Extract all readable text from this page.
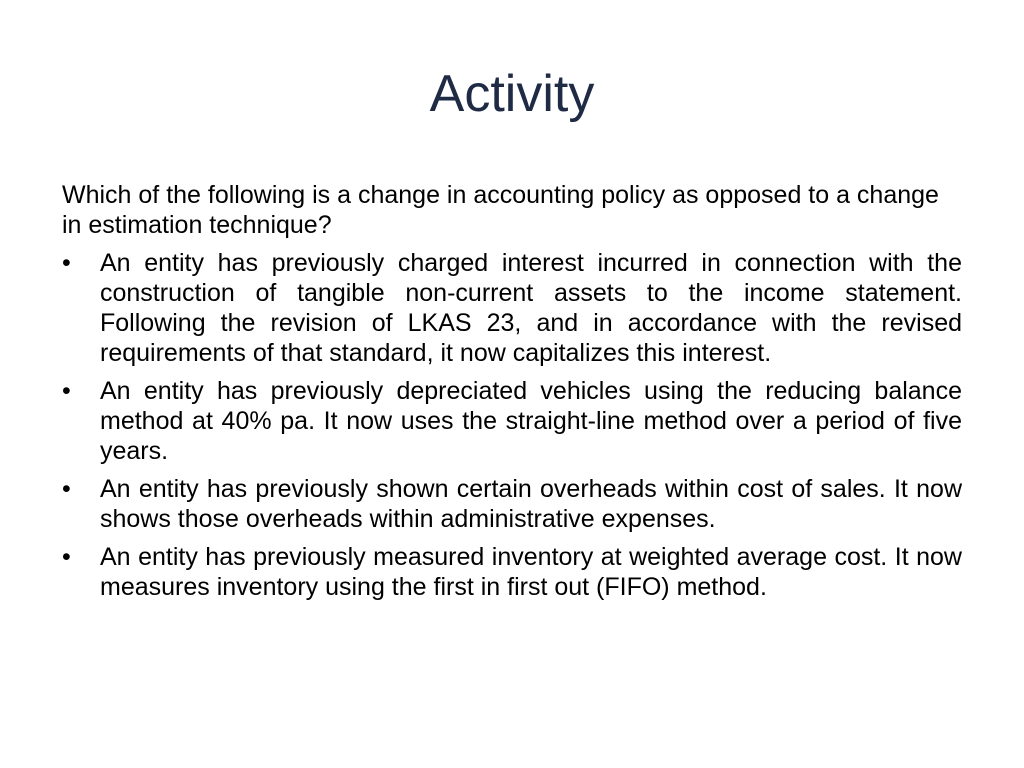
Activity

Which of the following is a change in accounting policy as opposed to a change in estimation technique?

•	An entity has previously charged interest incurred in connection with the construction of tangible non-current assets to the income statement. Following the revision of LKAS 23, and in accordance with the revised requirements of that standard, it now capitalizes this interest.
•	An entity has previously depreciated vehicles using the reducing balance method at 40% pa. It now uses the straight-line method over a period of five years.
•	An entity has previously shown certain overheads within cost of sales. It now shows those overheads within administrative expenses.
•	An entity has previously measured inventory at weighted average cost. It now measures inventory using the first in first out (FIFO) method.
